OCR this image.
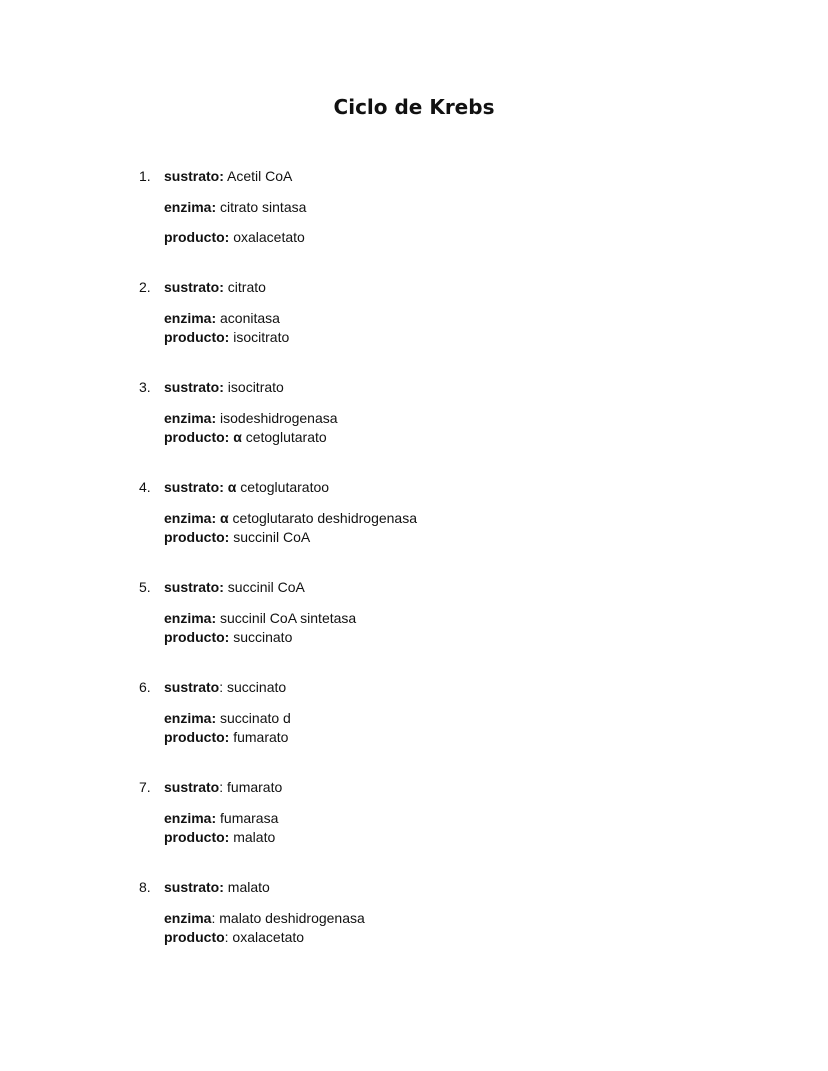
Ciclo de Krebs
1. sustrato: Acetil CoA
enzima: citrato sintasa
producto: oxalacetato
2. sustrato: citrato
enzima: aconitasa
producto: isocitrato
3. sustrato: isocitrato
enzima: isodeshidrogenasa
producto: α cetoglutarato
4. sustrato: α cetoglutaratoo
enzima: α cetoglutarato deshidrogenasa
producto: succinil CoA
5. sustrato: succinil CoA
enzima: succinil CoA sintetasa
producto: succinato
6. sustrato: succinato
enzima: succinato d
producto: fumarato
7. sustrato: fumarato
enzima: fumarasa
producto: malato
8. sustrato: malato
enzima: malato deshidrogenasa
producto: oxalacetato
